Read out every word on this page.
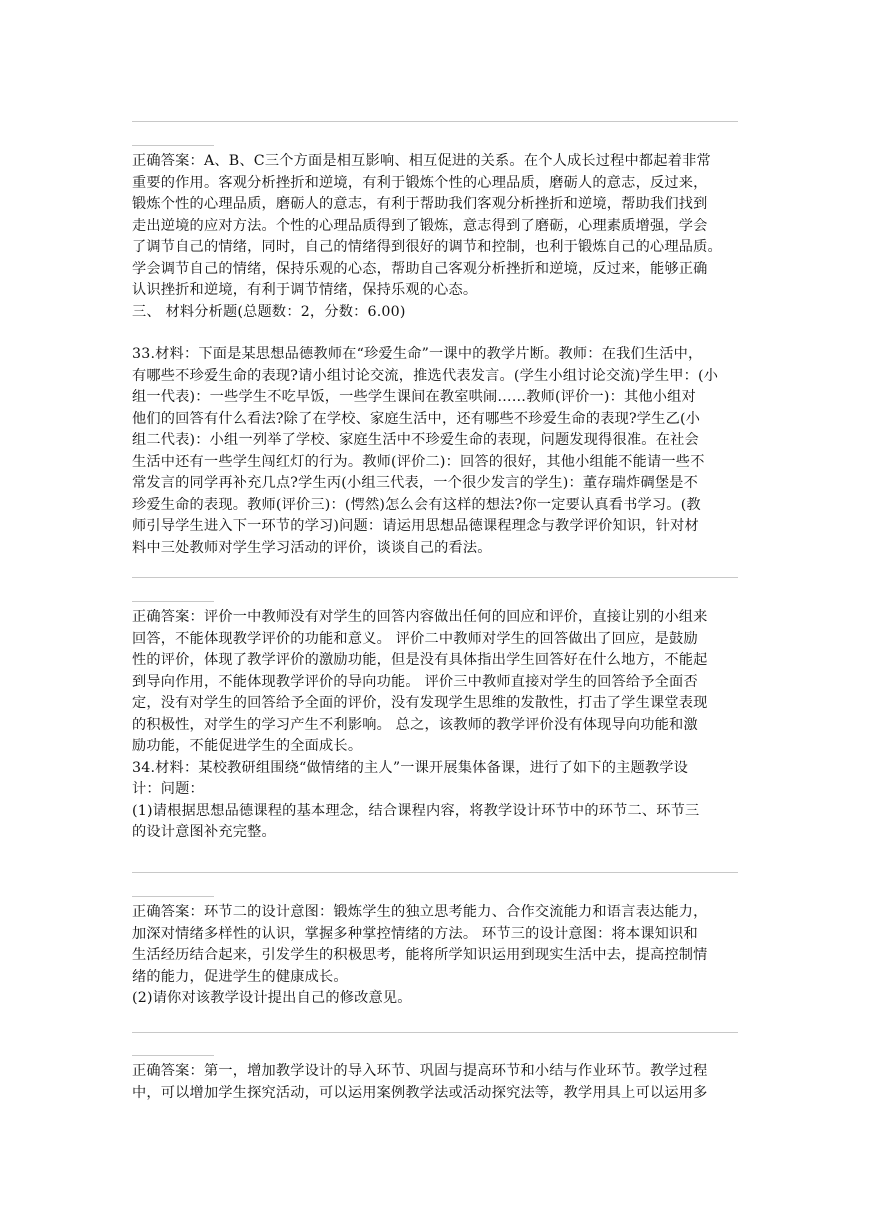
正确答案：A、B、C三个方面是相互影响、相互促进的关系。在个人成长过程中都起着非常
重要的作用。客观分析挫折和逆境，有利于锻炼个性的心理品质，磨砺人的意志，反过来，
锻炼个性的心理品质，磨砺人的意志，有利于帮助我们客观分析挫折和逆境，帮助我们找到
走出逆境的应对方法。个性的心理品质得到了锻炼，意志得到了磨砺，心理素质增强，学会
了调节自己的情绪，同时，自己的情绪得到很好的调节和控制，也利于锻炼自己的心理品质。
学会调节自己的情绪，保持乐观的心态，帮助自己客观分析挫折和逆境，反过来，能够正确
认识挫折和逆境，有利于调节情绪，保持乐观的心态。
三、 材料分析题(总题数：2，分数：6.00)
33.材料：下面是某思想品德教师在“珍爱生命”一课中的教学片断。教师：在我们生活中，
有哪些不珍爱生命的表现?请小组讨论交流，推选代表发言。(学生小组讨论交流)学生甲：(小
组一代表)：一些学生不吃早饭，一些学生课间在教室哄闹……教师(评价一)：其他小组对
他们的回答有什么看法?除了在学校、家庭生活中，还有哪些不珍爱生命的表现?学生乙(小
组二代表)：小组一列举了学校、家庭生活中不珍爱生命的表现，问题发现得很准。在社会
生活中还有一些学生闯红灯的行为。教师(评价二)：回答的很好，其他小组能不能请一些不
常发言的同学再补充几点?学生丙(小组三代表，一个很少发言的学生)：董存瑞炸碉堡是不
珍爱生命的表现。教师(评价三)：(愕然)怎么会有这样的想法?你一定要认真看书学习。(教
师引导学生进入下一环节的学习)问题：请运用思想品德课程理念与教学评价知识，针对材
料中三处教师对学生学习活动的评价，谈谈自己的看法。
正确答案：评价一中教师没有对学生的回答内容做出任何的回应和评价，直接让别的小组来
回答，不能体现教学评价的功能和意义。 评价二中教师对学生的回答做出了回应，是鼓励
性的评价，体现了教学评价的激励功能，但是没有具体指出学生回答好在什么地方，不能起
到导向作用，不能体现教学评价的导向功能。 评价三中教师直接对学生的回答给予全面否
定，没有对学生的回答给予全面的评价，没有发现学生思维的发散性，打击了学生课堂表现
的积极性，对学生的学习产生不利影响。 总之，该教师的教学评价没有体现导向功能和激
励功能，不能促进学生的全面成长。
34.材料：某校教研组围绕“做情绪的主人”一课开展集体备课，进行了如下的主题教学设
计：问题：
(1)请根据思想品德课程的基本理念，结合课程内容，将教学设计环节中的环节二、环节三
的设计意图补充完整。
正确答案：环节二的设计意图：锻炼学生的独立思考能力、合作交流能力和语言表达能力，
加深对情绪多样性的认识，掌握多种掌控情绪的方法。 环节三的设计意图：将本课知识和
生活经历结合起来，引发学生的积极思考，能将所学知识运用到现实生活中去，提高控制情
绪的能力，促进学生的健康成长。
(2)请你对该教学设计提出自己的修改意见。
正确答案：第一，增加教学设计的导入环节、巩固与提高环节和小结与作业环节。教学过程
中，可以增加学生探究活动，可以运用案例教学法或活动探究法等，教学用具上可以运用多
